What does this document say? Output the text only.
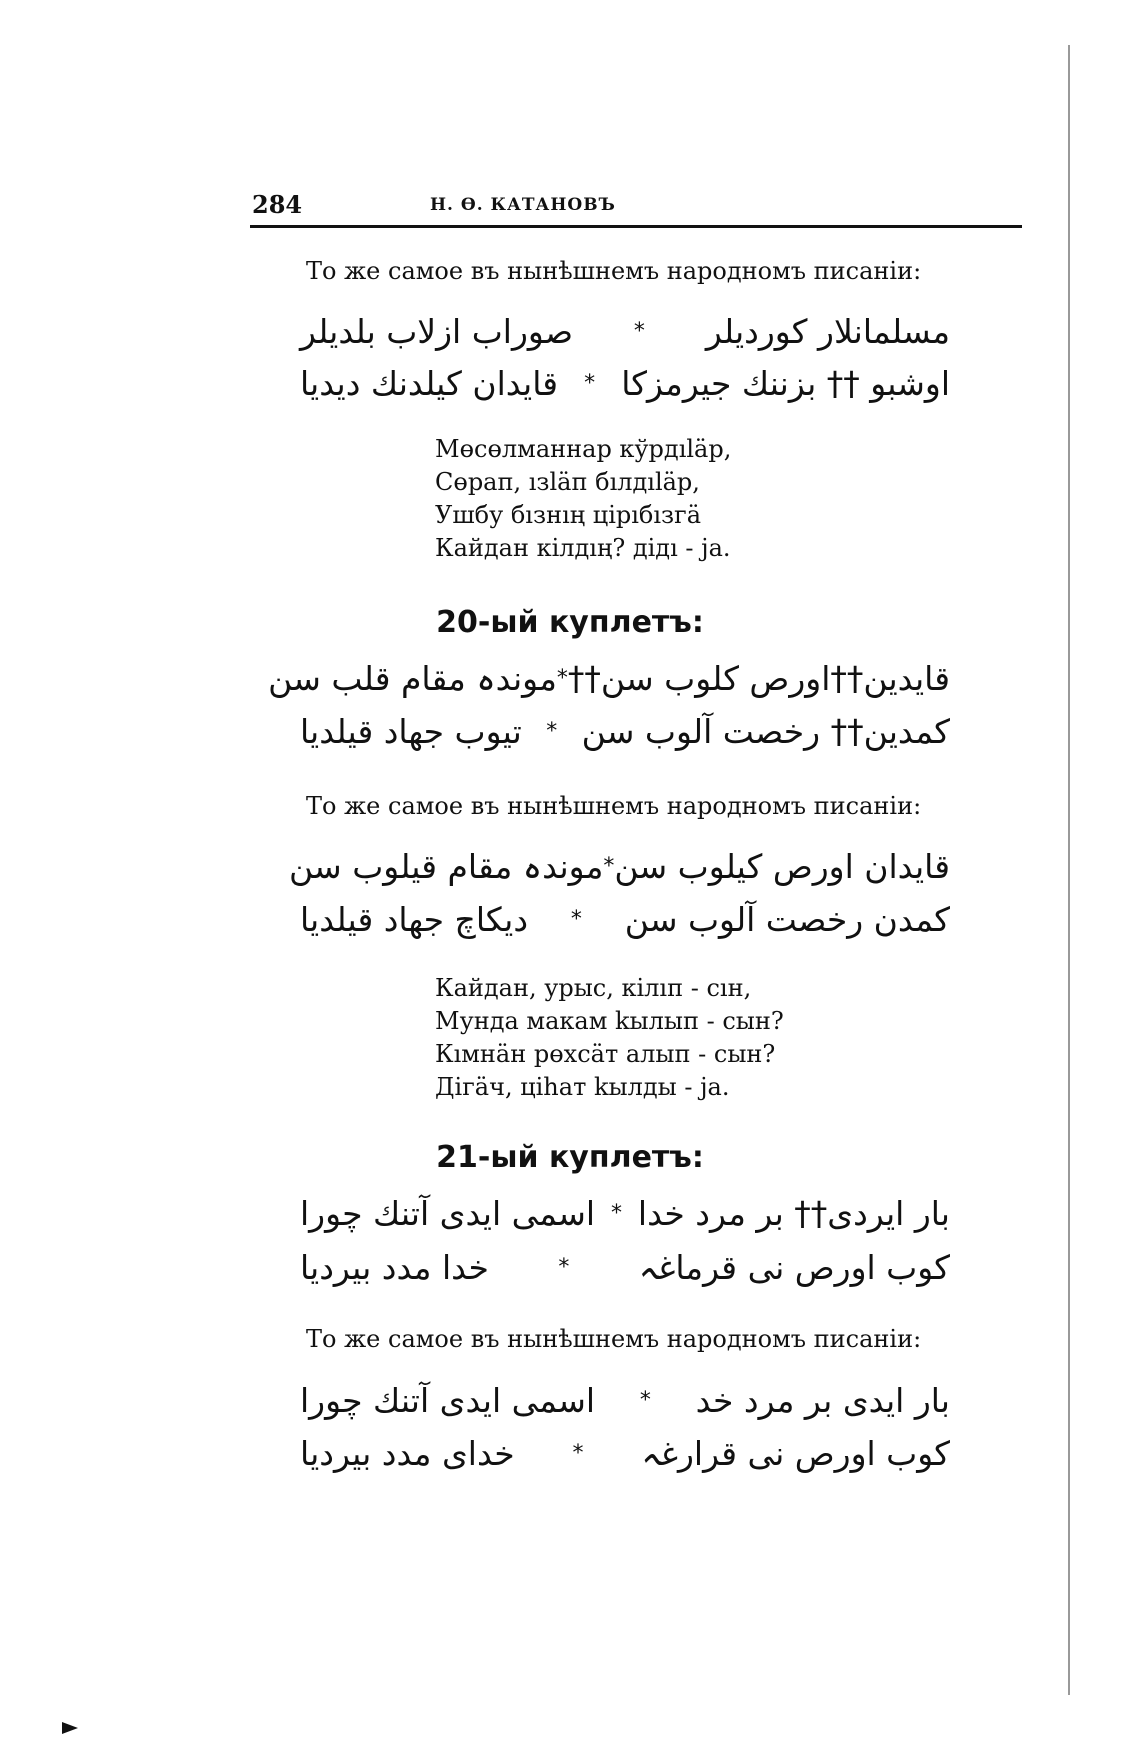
284	Н. Ѳ. КАТАНОВЪ
То же самое въ нынѣшнемъ народномъ писаніи:
مسلمانلار کوردیلر
*
صوراب ازلاب بلدیلر
اوشبو †† بزننك جیرمزکا
*
قایدان کیلدنك دیدیا
Мөсөлманнар кўрдıläр,
Сөрап, ıзläп бıлдıläр,
Ушбу бıзнıң цірıбıзгä
Кайдан кілдıң? дідı - ja.
20-ый куплетъ:
قایدین††اورص کلوب سن††
*
موندہ مقام قلب سن
کمدین†† رخصت آلوب سن
*
تیوب جهاد قیلدیا
То же самое въ нынѣшнемъ народномъ писаніи:
قایدان اورص کیلوب سن
*
موندہ مقام قیلوب سن
کمدن رخصت آلوب سن
*
دیکاچ جهاد قیلدیا
Кайдан, урыс, кілıп - сıн,
Мунда макам kылып - сын?
Кıмнäн рөхсäт алып - сын?
Дігäч, цihат kылды - ja.
21-ый куплетъ:
بار ایردی†† بر مرد خدا
*
اسمی ایدی آتنك چورا
کوب اورص نی قرماغہ
*
خدا مدد بیردیا
То же самое въ нынѣшнемъ народномъ писаніи:
بار ایدی بر مرد خد
*
اسمی ایدی آتنك چورا
کوب اورص نی قرارغہ
*
خدای مدد بیردیا
